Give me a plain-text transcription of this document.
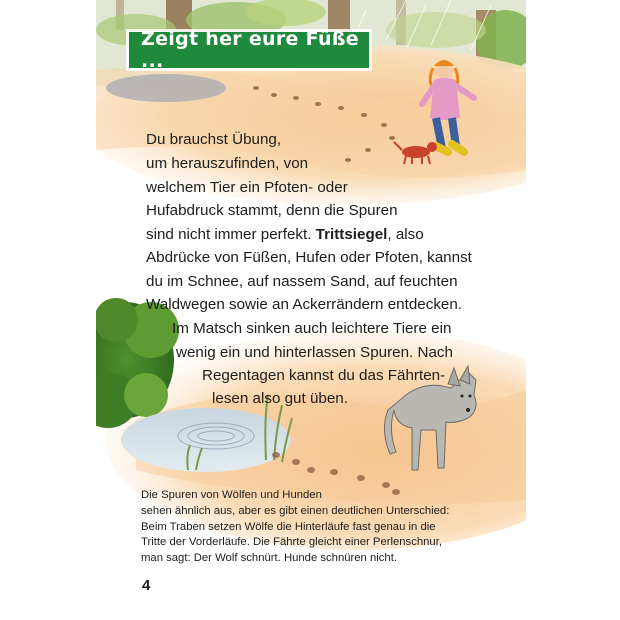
Zeigt her eure Füße ...
Du brauchst Übung,
um herauszufinden, von
welchem Tier ein Pfoten- oder
Hufabdruck stammt, denn die Spuren
sind nicht immer perfekt. Trittsiegel, also
Abdrücke von Füßen, Hufen oder Pfoten, kannst
du im Schnee, auf nassem Sand, auf feuchten
Waldwegen sowie an Ackerrändern entdecken.
Im Matsch sinken auch leichtere Tiere ein
wenig ein und hinterlassen Spuren. Nach
Regentagen kannst du das Fährten-
lesen also gut üben.
Die Spuren von Wölfen und Hunden
sehen ähnlich aus, aber es gibt einen deutlichen Unterschied:
Beim Traben setzen Wölfe die Hinterläufe fast genau in die
Tritte der Vorderläufe. Die Fährte gleicht einer Perlenschnur,
man sagt: Der Wolf schnürt. Hunde schnüren nicht.
4
